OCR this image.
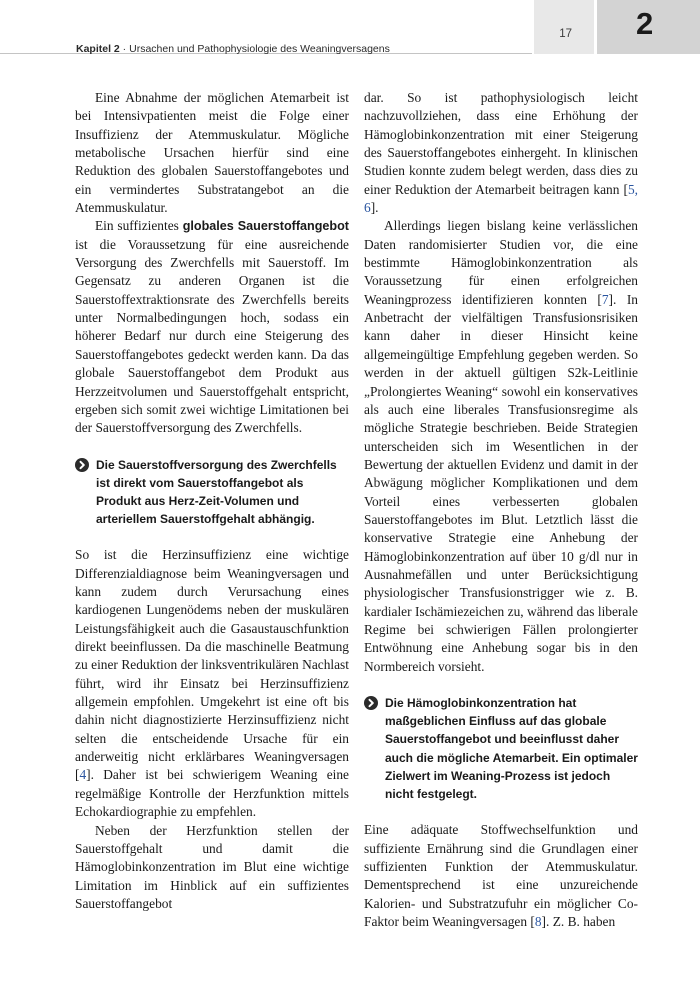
Kapitel 2 · Ursachen und Pathophysiologie des Weaningversagens
17 2

Eine Abnahme der möglichen Atemarbeit ist bei Intensivpatienten meist die Folge einer Insuffizienz der Atemmuskulatur. Mögliche metabolische Ursachen hierfür sind eine Reduktion des globalen Sauerstoffangebotes und ein vermindertes Substratangebot an die Atemmuskulatur.

Ein suffizientes globales Sauerstoffangebot ist die Voraussetzung für eine ausreichende Versorgung des Zwerchfells mit Sauerstoff. Im Gegensatz zu anderen Organen ist die Sauerstoffextraktionsrate des Zwerchfells bereits unter Normalbedingungen hoch, sodass ein höherer Bedarf nur durch eine Steigerung des Sauerstoffangebotes gedeckt werden kann. Da das globale Sauerstoffangebot dem Produkt aus Herzzeitvolumen und Sauerstoffgehalt entspricht, ergeben sich somit zwei wichtige Limitationen bei der Sauerstoffversorgung des Zwerchfells.

Die Sauerstoffversorgung des Zwerchfells ist direkt vom Sauerstoffangebot als Produkt aus Herz-Zeit-Volumen und arteriellem Sauerstoffgehalt abhängig.

So ist die Herzinsuffizienz eine wichtige Differenzialdiagnose beim Weaningversagen und kann zudem durch Verursachung eines kardiogenen Lungenödems neben der muskulären Leistungsfähigkeit auch die Gasaustauschfunktion direkt beeinflussen. Da die maschinelle Beatmung zu einer Reduktion der linksventrikulären Nachlast führt, wird ihr Einsatz bei Herzinsuffizienz allgemein empfohlen. Umgekehrt ist eine oft bis dahin nicht diagnostizierte Herzinsuffizienz nicht selten die entscheidende Ursache für ein anderweitig nicht erklärbares Weaningversagen [4]. Daher ist bei schwierigem Weaning eine regelmäßige Kontrolle der Herzfunktion mittels Echokardiographie zu empfehlen.

Neben der Herzfunktion stellen der Sauerstoffgehalt und damit die Hämoglobinkonzentration im Blut eine wichtige Limitation im Hinblick auf ein suffizientes Sauerstoffangebot

dar. So ist pathophysiologisch leicht nachzuvollziehen, dass eine Erhöhung der Hämoglobinkonzentration mit einer Steigerung des Sauerstoffangebotes einhergeht. In klinischen Studien konnte zudem belegt werden, dass dies zu einer Reduktion der Atemarbeit beitragen kann [5, 6].

Allerdings liegen bislang keine verlässlichen Daten randomisierter Studien vor, die eine bestimmte Hämoglobinkonzentration als Voraussetzung für einen erfolgreichen Weaningprozess identifizieren konnten [7]. In Anbetracht der vielfältigen Transfusionsrisiken kann daher in dieser Hinsicht keine allgemeingültige Empfehlung gegeben werden. So werden in der aktuell gültigen S2k-Leitlinie „Prolongiertes Weaning“ sowohl ein konservatives als auch eine liberales Transfusionsregime als mögliche Strategie beschrieben. Beide Strategien unterscheiden sich im Wesentlichen in der Bewertung der aktuellen Evidenz und damit in der Abwägung möglicher Komplikationen und dem Vorteil eines verbesserten globalen Sauerstoffangebotes im Blut. Letztlich lässt die konservative Strategie eine Anhebung der Hämoglobinkonzentration auf über 10 g/dl nur in Ausnahmefällen und unter Berücksichtigung physiologischer Transfusionstrigger wie z. B. kardialer Ischämiezeichen zu, während das liberale Regime bei schwierigen Fällen prolongierter Entwöhnung eine Anhebung sogar bis in den Normbereich vorsieht.

Die Hämoglobinkonzentration hat maßgeblichen Einfluss auf das globale Sauerstoffangebot und beeinflusst daher auch die mögliche Atemarbeit. Ein optimaler Zielwert im Weaning-Prozess ist jedoch nicht festgelegt.

Eine adäquate Stoffwechselfunktion und suffiziente Ernährung sind die Grundlagen einer suffizienten Funktion der Atemmuskulatur. Dementsprechend ist eine unzureichende Kalorien- und Substratzufuhr ein möglicher Co-Faktor beim Weaningversagen [8]. Z. B. haben
